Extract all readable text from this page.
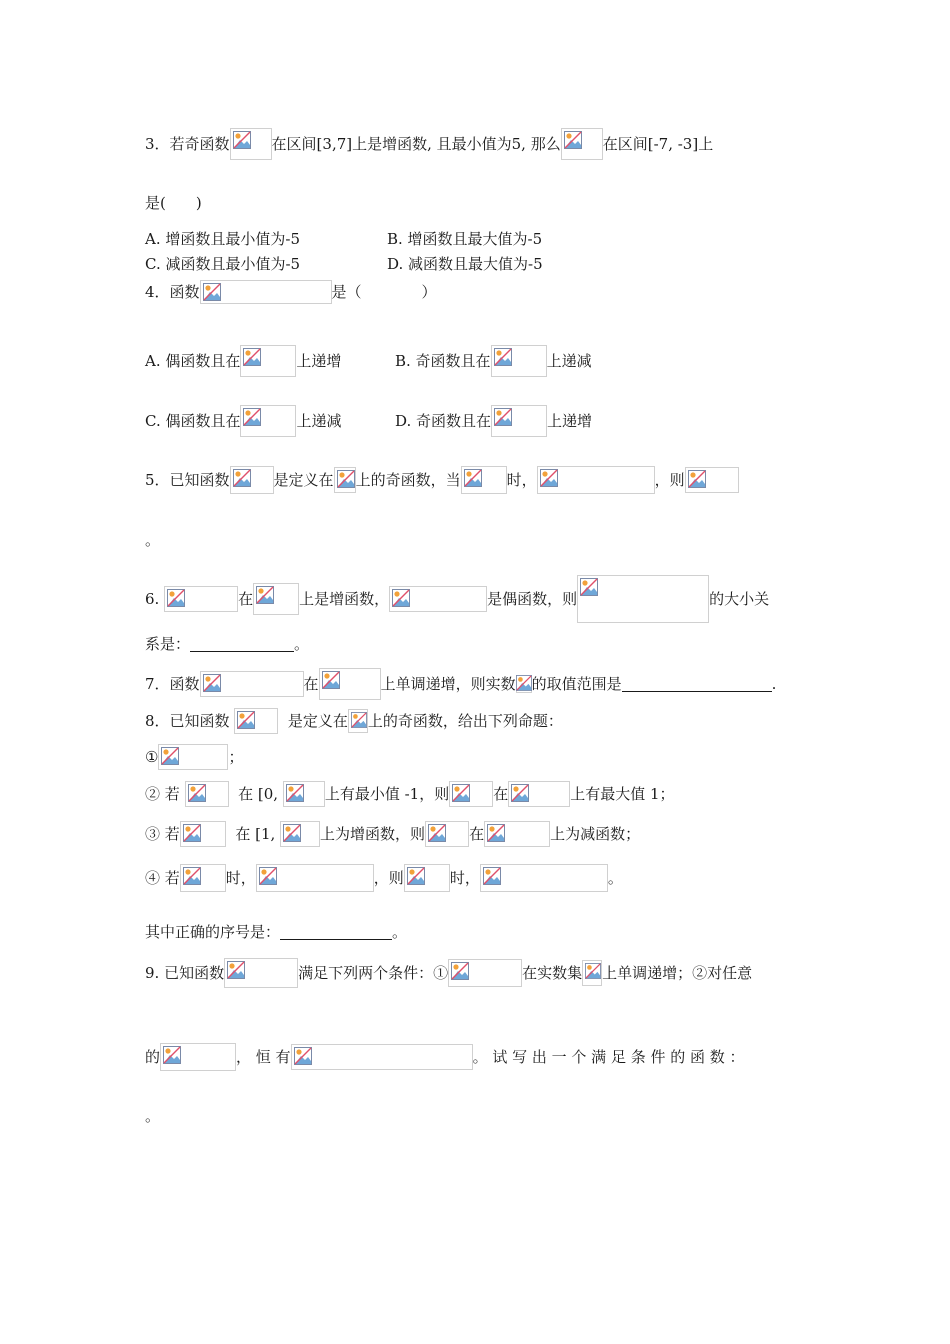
3．若奇函数	在区间[3,7]上是增函数, 且最小值为5, 那么	在区间[-7, -3]上
是(　　)
A. 增函数且最小值为-5	B. 增函数且最大值为-5
C. 减函数且最小值为-5	D. 减函数且最大值为-5
4．函数	是（　　　　）
A. 偶函数且在	上递增	B. 奇函数且在	上递减
C. 偶函数且在	上递减	D. 奇函数且在	上递增
5．已知函数	是定义在 上的奇函数，当	时，	，则
。
6.	在	上是增函数，	是偶函数，则	的大小关
系是：	。
7．函数	在	上单调递增，则实数 的取值范围是	.
8．已知函数	是定义在 上的奇函数，给出下列命题：
①	；
② 若	在 [0,	上有最小值 -1，则	在	上有最大值 1；
③ 若	在 [1,	上为增函数，则	在	上为减函数；
④ 若	时，	，则	时，	。
其中正确的序号是：	。
9. 已知函数	满足下列两个条件：①	在实数集 上单调递增；②对任意
的	， 恒 有	。 试 写 出 一 个 满 足 条 件 的 函 数 ：
。
